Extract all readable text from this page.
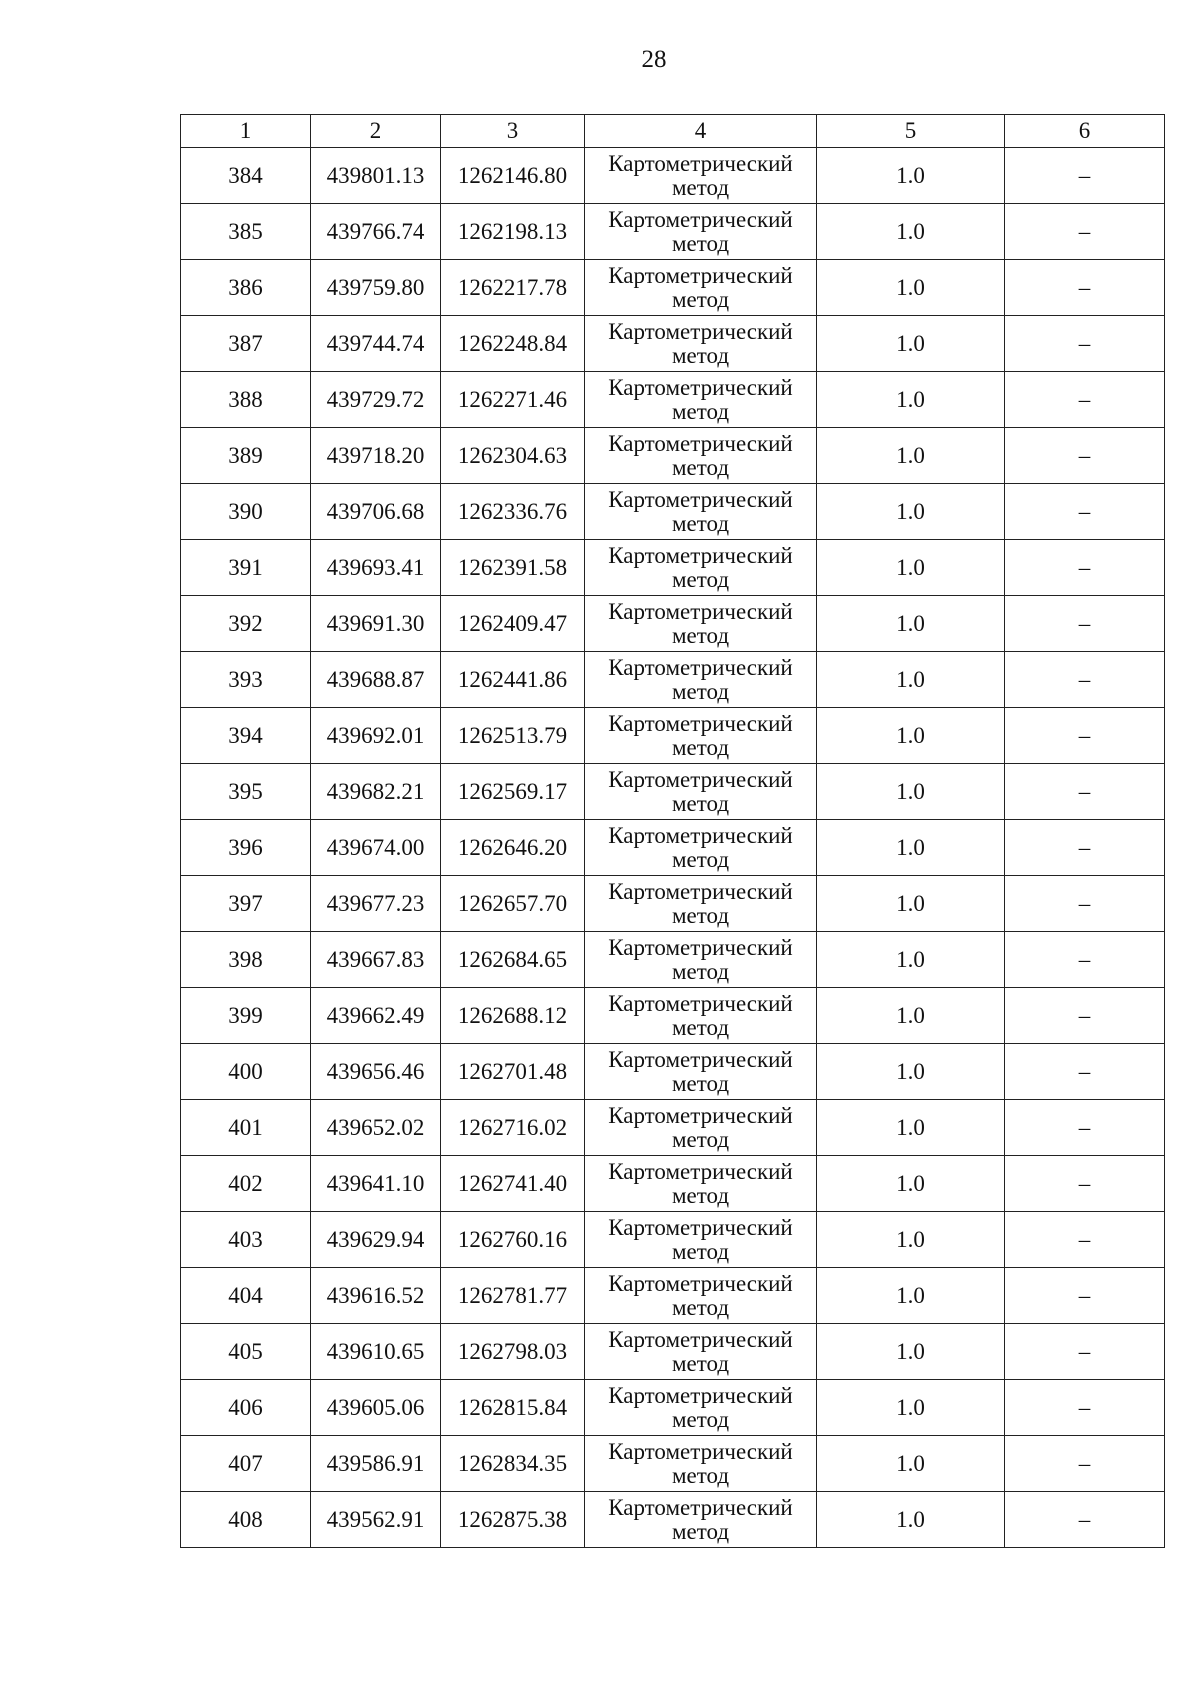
28
1	2	3	4	5	6
384	439801.13	1262146.80	Картометрический метод	1.0	–
385	439766.74	1262198.13	Картометрический метод	1.0	–
386	439759.80	1262217.78	Картометрический метод	1.0	–
387	439744.74	1262248.84	Картометрический метод	1.0	–
388	439729.72	1262271.46	Картометрический метод	1.0	–
389	439718.20	1262304.63	Картометрический метод	1.0	–
390	439706.68	1262336.76	Картометрический метод	1.0	–
391	439693.41	1262391.58	Картометрический метод	1.0	–
392	439691.30	1262409.47	Картометрический метод	1.0	–
393	439688.87	1262441.86	Картометрический метод	1.0	–
394	439692.01	1262513.79	Картометрический метод	1.0	–
395	439682.21	1262569.17	Картометрический метод	1.0	–
396	439674.00	1262646.20	Картометрический метод	1.0	–
397	439677.23	1262657.70	Картометрический метод	1.0	–
398	439667.83	1262684.65	Картометрический метод	1.0	–
399	439662.49	1262688.12	Картометрический метод	1.0	–
400	439656.46	1262701.48	Картометрический метод	1.0	–
401	439652.02	1262716.02	Картометрический метод	1.0	–
402	439641.10	1262741.40	Картометрический метод	1.0	–
403	439629.94	1262760.16	Картометрический метод	1.0	–
404	439616.52	1262781.77	Картометрический метод	1.0	–
405	439610.65	1262798.03	Картометрический метод	1.0	–
406	439605.06	1262815.84	Картометрический метод	1.0	–
407	439586.91	1262834.35	Картометрический метод	1.0	–
408	439562.91	1262875.38	Картометрический метод	1.0	–
